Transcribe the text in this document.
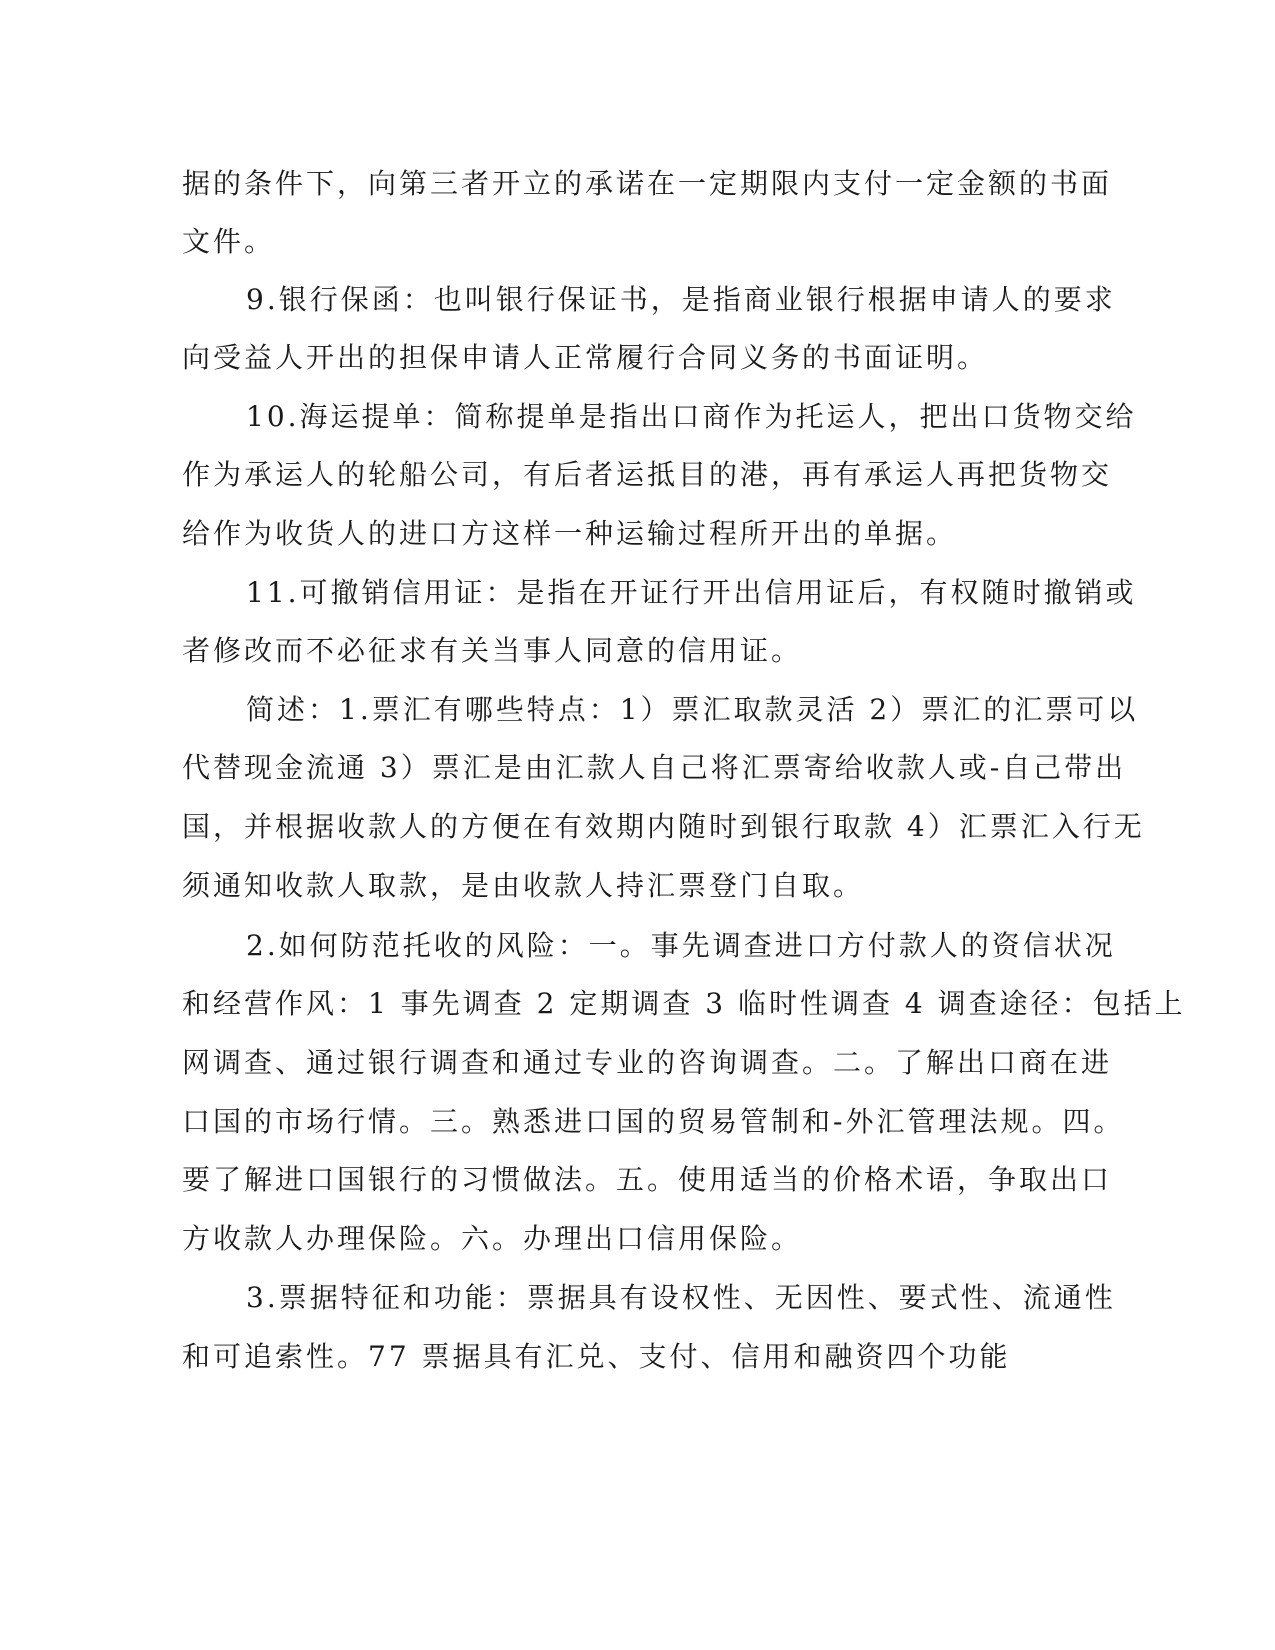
据的条件下，向第三者开立的承诺在一定期限内支付一定金额的书面
文件。
9.银行保函：也叫银行保证书，是指商业银行根据申请人的要求
向受益人开出的担保申请人正常履行合同义务的书面证明。
10.海运提单：简称提单是指出口商作为托运人，把出口货物交给
作为承运人的轮船公司，有后者运抵目的港，再有承运人再把货物交
给作为收货人的进口方这样一种运输过程所开出的单据。
11.可撤销信用证：是指在开证行开出信用证后，有权随时撤销或
者修改而不必征求有关当事人同意的信用证。
简述：1.票汇有哪些特点：1）票汇取款灵活 2）票汇的汇票可以
代替现金流通 3）票汇是由汇款人自己将汇票寄给收款人或-自己带出
国，并根据收款人的方便在有效期内随时到银行取款 4）汇票汇入行无
须通知收款人取款，是由收款人持汇票登门自取。
2.如何防范托收的风险：一。事先调查进口方付款人的资信状况
和经营作风：1 事先调查 2 定期调查 3 临时性调查 4 调查途径：包括上
网调查、通过银行调查和通过专业的咨询调查。二。了解出口商在进
口国的市场行情。三。熟悉进口国的贸易管制和-外汇管理法规。四。
要了解进口国银行的习惯做法。五。使用适当的价格术语，争取出口
方收款人办理保险。六。办理出口信用保险。
3.票据特征和功能：票据具有设权性、无因性、要式性、流通性
和可追索性。77 票据具有汇兑、支付、信用和融资四个功能
